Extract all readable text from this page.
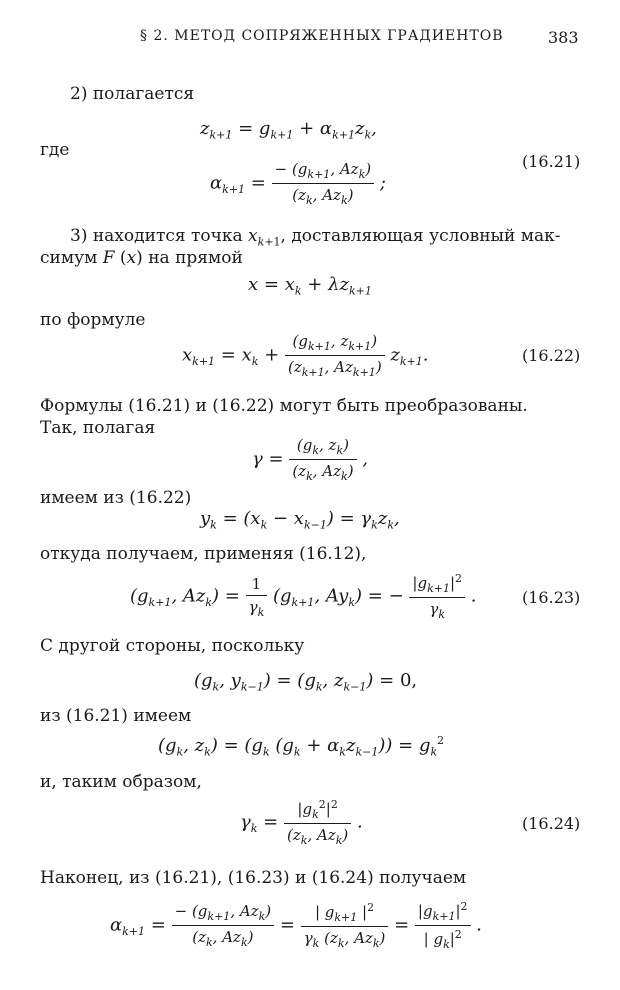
§ 2. МЕТОД СОПРЯЖЕННЫХ ГРАДИЕНТОВ	383
2) полагается
$z_{k+1} = g_{k+1} + \alpha_{k+1}z_k$,
где
(16.21)
$\alpha_{k+1} = \frac{- (g_{k+1}, Az_k)}{(z_k, Az_k)}$ ;
3) находится точка $x_{k+1}$, доставляющая условный мак-
симум F (x) на прямой
$x = x_k + \lambda z_{k+1}$
по формуле
$x_{k+1} = x_k + \frac{(g_{k+1}, z_{k+1})}{(z_{k+1}, Az_{k+1})} z_{k+1}$.	(16.22)
Формулы (16.21) и (16.22) могут быть преобразованы.
Так, полагая
$\gamma = \frac{(g_k, z_k)}{(z_k, Az_k)}$ ,
имеем из (16.22)
$y_k = (x_k - x_{k-1}) = \gamma_kz_k$,
откуда получаем, применяя (16.12),
($g_{k+1}$, $Az_k) = \frac{1}{\gamma_k} (g_{k+1}$, $Ay_k$) = − $\frac{|g_{k+1}|^2}{\gamma_k}$ .	(16.23)
С другой стороны, поскольку
($g_k$, $y_{k-1}) = (g_k$, $z_{k-1}) = 0$,
из (16.21) имеем
($g_k$, $z_k) = (g_k$ $(g_k + \alpha_kz_{k-1})) = g_k^2$
и, таким образом,
$\gamma_k = \frac{|g_k^2|^2}{(z_k, Az_k)}$ .	(16.24)
Наконец, из (16.21), (16.23) и (16.24) получаем
$\alpha_{k+1} = \frac{- (g_{k+1}, Az_k)}{(z_k, Az_k)} = \frac{| g_{k+1} |^2}{\gamma_k (z_k, Az_k)} = \frac{|g_{k+1}|^2}{| g_k|^2}$ .
